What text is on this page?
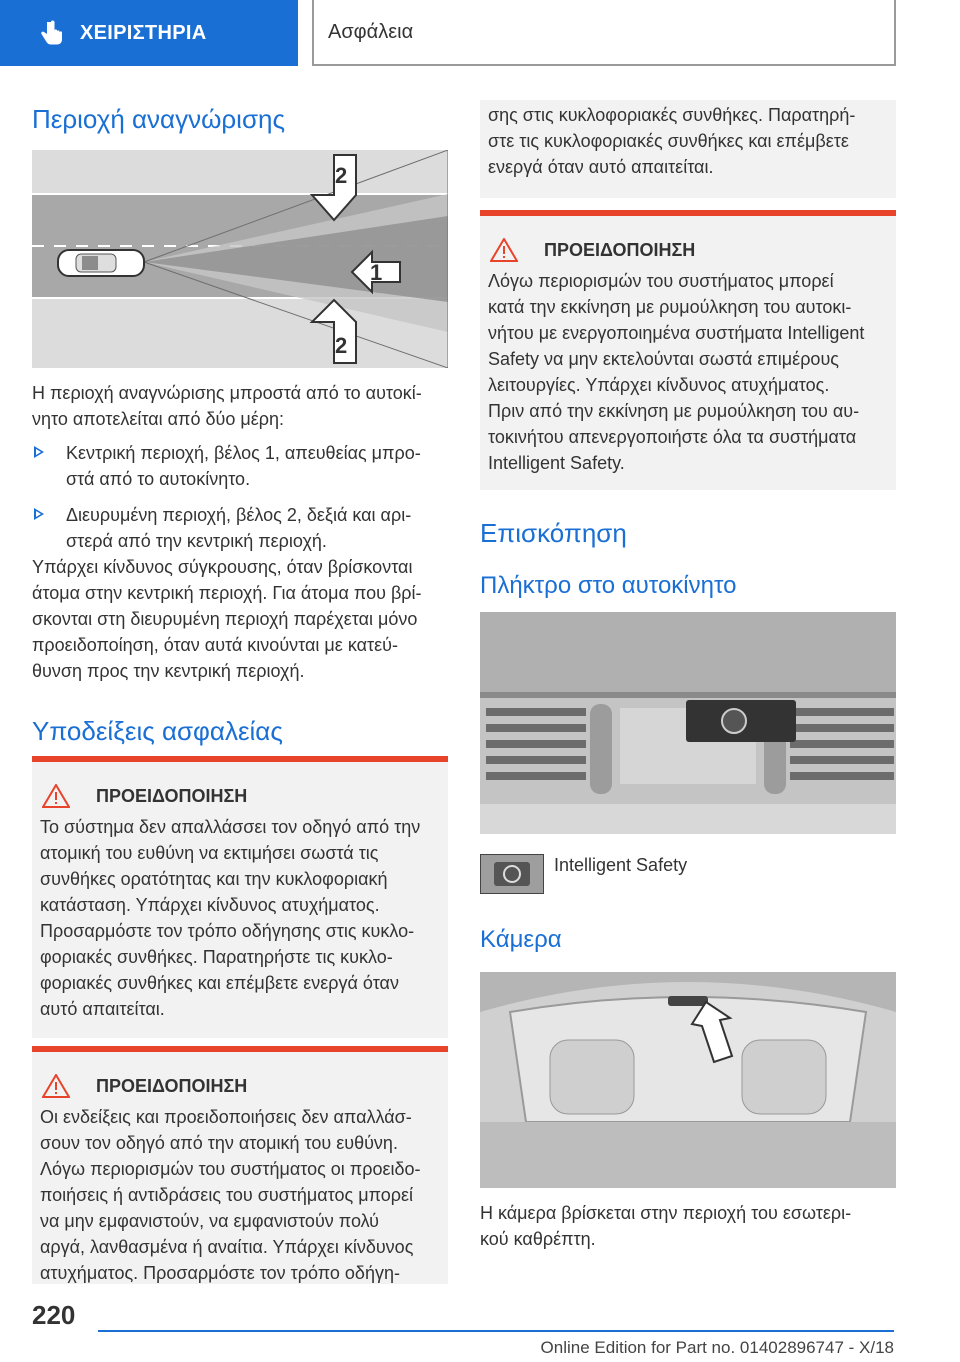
ΧΕΙΡΙΣΤΗΡΙΑ	Ασφάλεια
Περιοχή αναγνώρισης
2
1
2

Η περιοχή αναγνώρισης μπροστά από το αυτοκί-
νητο αποτελείται από δύο μέρη:

Κεντρική περιοχή, βέλος 1, απευθείας μπρο-
στά από το αυτοκίνητο.
Διευρυμένη περιοχή, βέλος 2, δεξιά και αρι-
στερά από την κεντρική περιοχή.

Υπάρχει κίνδυνος σύγκρουσης, όταν βρίσκονται
άτομα στην κεντρική περιοχή. Για άτομα που βρί-
σκονται στη διευρυμένη περιοχή παρέχεται μόνο
προειδοποίηση, όταν αυτά κινούνται με κατεύ-
θυνση προς την κεντρική περιοχή.

Υποδείξεις ασφαλείας
ΠΡΟΕΙΔΟΠΟΙΗΣΗ

Το σύστημα δεν απαλλάσσει τον οδηγό από την
ατομική του ευθύνη να εκτιμήσει σωστά τις
συνθήκες ορατότητας και την κυκλοφοριακή
κατάσταση. Υπάρχει κίνδυνος ατυχήματος.
Προσαρμόστε τον τρόπο οδήγησης στις κυκλο-
φοριακές συνθήκες. Παρατηρήστε τις κυκλο-
φοριακές συνθήκες και επέμβετε ενεργά όταν
αυτό απαιτείται.

ΠΡΟΕΙΔΟΠΟΙΗΣΗ

Οι ενδείξεις και προειδοποιήσεις δεν απαλλάσ-
σουν τον οδηγό από την ατομική του ευθύνη.
Λόγω περιορισμών του συστήματος οι προειδο-
ποιήσεις ή αντιδράσεις του συστήματος μπορεί
να μην εμφανιστούν, να εμφανιστούν πολύ
αργά, λανθασμένα ή αναίτια. Υπάρχει κίνδυνος
ατυχήματος. Προσαρμόστε τον τρόπο οδήγη-

σης στις κυκλοφοριακές συνθήκες. Παρατηρή-
στε τις κυκλοφοριακές συνθήκες και επέμβετε
ενεργά όταν αυτό απαιτείται.

ΠΡΟΕΙΔΟΠΟΙΗΣΗ

Λόγω περιορισμών του συστήματος μπορεί
κατά την εκκίνηση με ρυμούλκηση του αυτοκι-
νήτου με ενεργοποιημένα συστήματα Intelligent
Safety να μην εκτελούνται σωστά επιμέρους
λειτουργίες. Υπάρχει κίνδυνος ατυχήματος.
Πριν από την εκκίνηση με ρυμούλκηση του αυ-
τοκινήτου απενεργοποιήστε όλα τα συστήματα
Intelligent Safety.

Επισκόπηση
Πλήκτρο στο αυτοκίνητο

Intelligent Safety

Κάμερα

Η κάμερα βρίσκεται στην περιοχή του εσωτερι-
κού καθρέπτη.

220
Online Edition for Part no. 01402896747 - X/18
